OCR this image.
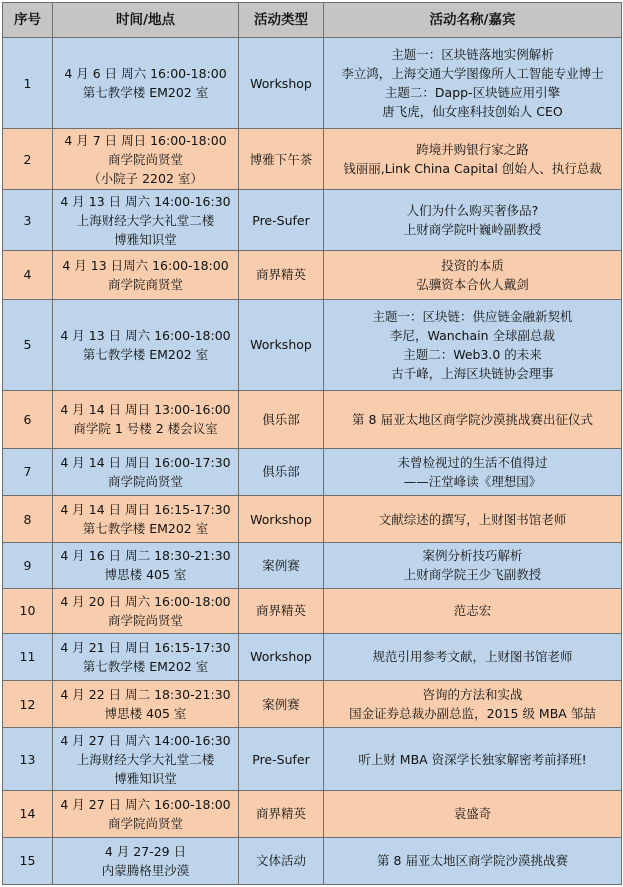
序号	时间/地点	活动类型	活动名称/嘉宾
1	4 月 6 日 周六 16:00-18:00
第七教学楼 EM202 室	Workshop	主题一：区块链落地实例解析
李立鸿，上海交通大学图像所人工智能专业博士
主题二：Dapp-区块链应用引擎
唐飞虎，仙女座科技创始人 CEO

2	4 月 7 日 周日 16:00-18:00
商学院尚贤堂
（小院子 2202 室）	博雅下午茶	跨境并购银行家之路
钱丽丽,Link China Capital 创始人、执行总裁

3	4 月 13 日 周六 14:00-16:30
上海财经大学大礼堂二楼
博雅知识堂	Pre-Sufer	人们为什么购买奢侈品?
上财商学院叶巍岭副教授

4	4 月 13 日周六 16:00-18:00
商学院商贤堂	商界精英	投资的本质
弘骥资本合伙人戴剑

5	4 月 13 日 周六 16:00-18:00
第七教学楼 EM202 室	Workshop	主题一：区块链：供应链金融新契机
李尼，Wanchain 全球副总裁
主题二：Web3.0 的未来
古千峰，上海区块链协会理事

6	4 月 14 日 周日 13:00-16:00
商学院 1 号楼 2 楼会议室	俱乐部	第 8 届亚太地区商学院沙漠挑战赛出征仪式

7	4 月 14 日 周日 16:00-17:30
商学院尚贤堂	俱乐部	未曾检视过的生活不值得过
——汪堂峰读《理想国》

8	4 月 14 日 周日 16:15-17:30
第七教学楼 EM202 室	Workshop	文献综述的撰写，上财图书馆老师

9	4 月 16 日 周二 18:30-21:30
博思楼 405 室	案例赛	案例分析技巧解析
上财商学院王少飞副教授

10	4 月 20 日 周六 16:00-18:00
商学院尚贤堂	商界精英	范志宏

11	4 月 21 日 周日 16:15-17:30
第七教学楼 EM202 室	Workshop	规范引用参考文献，上财图书馆老师

12	4 月 22 日 周二 18:30-21:30
博思楼 405 室	案例赛	咨询的方法和实战
国金证券总裁办副总监，2015 级 MBA 邹喆

13	4 月 27 日 周六 14:00-16:30
上海财经大学大礼堂二楼
博雅知识堂	Pre-Sufer	听上财 MBA 资深学长独家解密考前择班!

14	4 月 27 日 周六 16:00-18:00
商学院尚贤堂	商界精英	袁盛奇

15	4 月 27-29 日
内蒙腾格里沙漠	文体活动	第 8 届亚太地区商学院沙漠挑战赛
